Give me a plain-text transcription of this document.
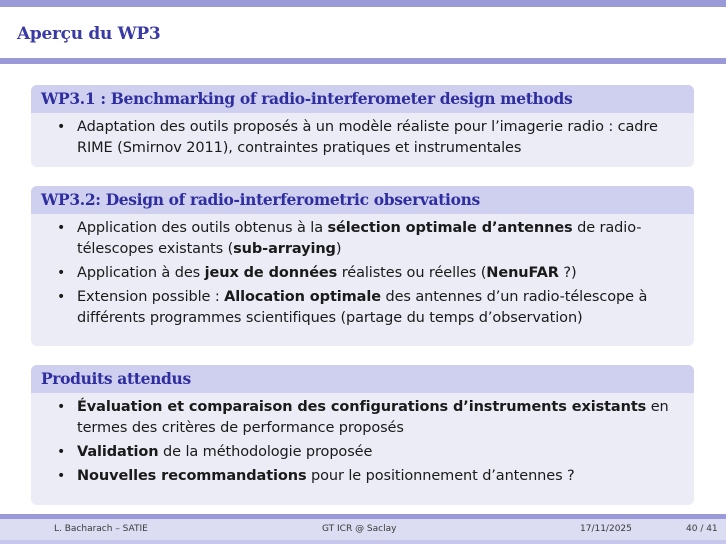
Aperçu du WP3
WP3.1 : Benchmarking of radio-interferometer design methods
• Adaptation des outils proposés à un modèle réaliste pour l’imagerie radio : cadre RIME (Smirnov 2011), contraintes pratiques et instrumentales
WP3.2: Design of radio-interferometric observations
• Application des outils obtenus à la sélection optimale d’antennes de radio-télescopes existants (sub-arraying)
• Application à des jeux de données réalistes ou réelles (NenuFAR ?)
• Extension possible : Allocation optimale des antennes d’un radio-télescope à différents programmes scientifiques (partage du temps d’observation)
Produits attendus
• Évaluation et comparaison des configurations d’instruments existants en termes des critères de performance proposés
• Validation de la méthodologie proposée
• Nouvelles recommandations pour le positionnement d’antennes ?
L. Bacharach – SATIE	GT ICR @ Saclay	17/11/2025	40 / 41
